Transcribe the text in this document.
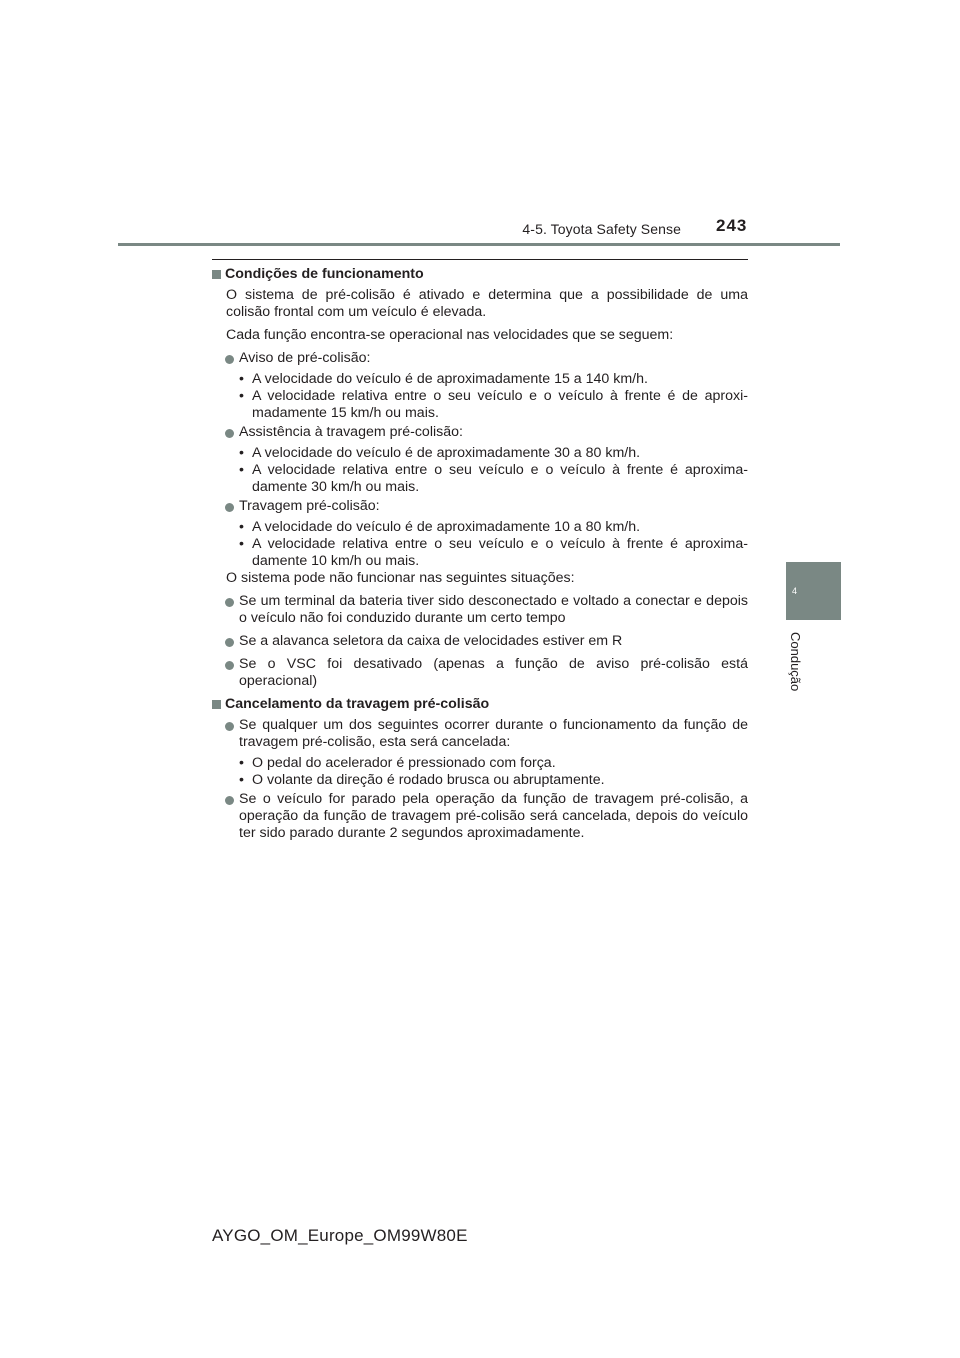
4-5. Toyota Safety Sense 243
4
Condução
Condições de funcionamento

O sistema de pré-colisão é ativado e determina que a possibilidade de uma colisão frontal com um veículo é elevada.

Cada função encontra-se operacional nas velocidades que se seguem:

Aviso de pré-colisão:

• A velocidade do veículo é de aproximadamente 15 a 140 km/h.

• A velocidade relativa entre o seu veículo e o veículo à frente é de aproxi-madamente 15 km/h ou mais.

Assistência à travagem pré-colisão:

• A velocidade do veículo é de aproximadamente 30 a 80 km/h.

• A velocidade relativa entre o seu veículo e o veículo à frente é aproxima-damente 30 km/h ou mais.

Travagem pré-colisão:

• A velocidade do veículo é de aproximadamente 10 a 80 km/h.

• A velocidade relativa entre o seu veículo e o veículo à frente é aproxima-damente 10 km/h ou mais.

O sistema pode não funcionar nas seguintes situações:

Se um terminal da bateria tiver sido desconectado e voltado a conectar e depois o veículo não foi conduzido durante um certo tempo
Se a alavanca seletora da caixa de velocidades estiver em R
Se o VSC foi desativado (apenas a função de aviso pré-colisão está operacional)
Cancelamento da travagem pré-colisão
Se qualquer um dos seguintes ocorrer durante o funcionamento da função de travagem pré-colisão, esta será cancelada:

• O pedal do acelerador é pressionado com força.

• O volante da direção é rodado brusca ou abruptamente.

Se o veículo for parado pela operação da função de travagem pré-colisão, a operação da função de travagem pré-colisão será cancelada, depois do veículo ter sido parado durante 2 segundos aproximadamente.
AYGO_OM_Europe_OM99W80E
